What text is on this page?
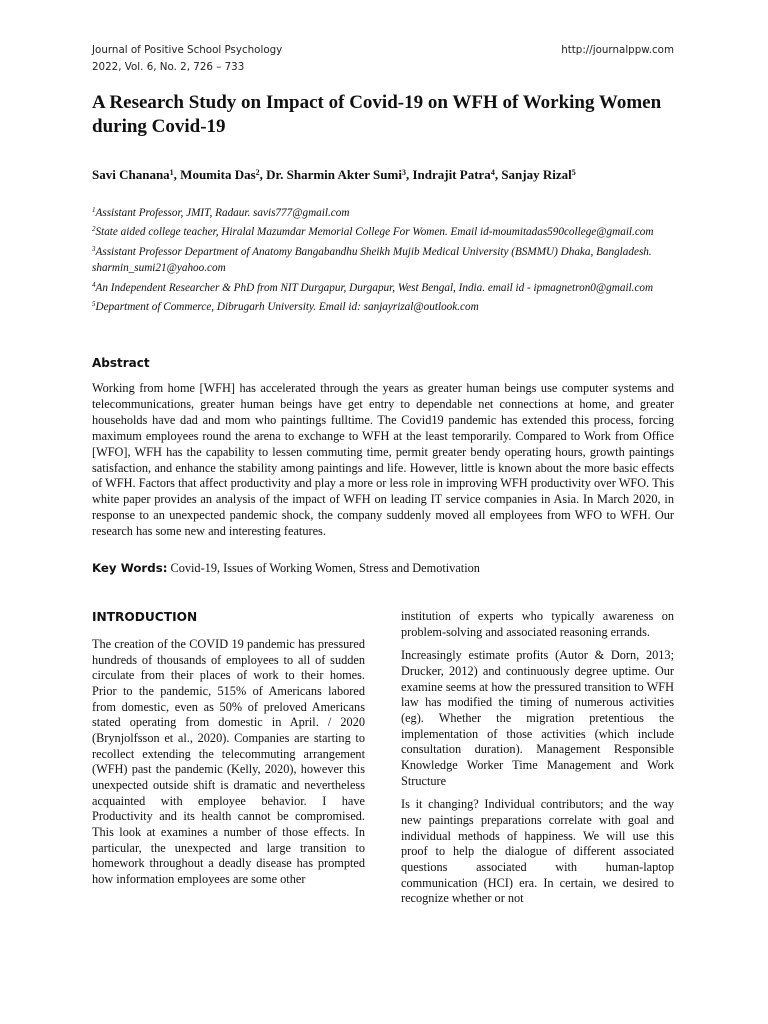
Journal of Positive School Psychology
2022, Vol. 6, No. 2, 726 – 733
http://journalppw.com
A Research Study on Impact of Covid-19 on WFH of Working Women during Covid-19
Savi Chanana$^1$, Moumita Das$^2$, Dr. Sharmin Akter Sumi$^3$, Indrajit Patra$^4$, Sanjay Rizal$^5$

$^1$Assistant Professor, JMIT, Radaur. savis777@gmail.com

$^2$State aided college teacher, Hiralal Mazumdar Memorial College For Women. Email id-moumitadas590college@gmail.com

$^3$Assistant Professor Department of Anatomy Bangabandhu Sheikh Mujib Medical University (BSMMU) Dhaka, Bangladesh. sharmin_sumi21@yahoo.com

$^4$An Independent Researcher & PhD from NIT Durgapur, Durgapur, West Bengal, India. email id - ipmagnetron0@gmail.com

$^5$Department of Commerce, Dibrugarh University. Email id: sanjayrizal@outlook.com

Abstract

Working from home [WFH] has accelerated through the years as greater human beings use computer systems and telecommunications, greater human beings have get entry to dependable net connections at home, and greater households have dad and mom who paintings fulltime. The Covid19 pandemic has extended this process, forcing maximum employees round the arena to exchange to WFH at the least temporarily. Compared to Work from Office [WFO], WFH has the capability to lessen commuting time, permit greater bendy operating hours, growth paintings satisfaction, and enhance the stability among paintings and life. However, little is known about the more basic effects of WFH. Factors that affect productivity and play a more or less role in improving WFH productivity over WFO. This white paper provides an analysis of the impact of WFH on leading IT service companies in Asia. In March 2020, in response to an unexpected pandemic shock, the company suddenly moved all employees from WFO to WFH. Our research has some new and interesting features.

Key Words: Covid-19, Issues of Working Women, Stress and Demotivation
INTRODUCTION

The creation of the COVID 19 pandemic has pressured hundreds of thousands of employees to all of sudden circulate from their places of work to their homes. Prior to the pandemic, 515% of Americans labored from domestic, even as 50% of preloved Americans stated operating from domestic in April. / 2020 (Brynjolfsson et al., 2020). Companies are starting to recollect extending the telecommuting arrangement (WFH) past the pandemic (Kelly, 2020), however this unexpected outside shift is dramatic and nevertheless acquainted with employee behavior. I have Productivity and its health cannot be compromised. This look at examines a number of those effects. In particular, the unexpected and large transition to homework throughout a deadly disease has prompted how information employees are some other

institution of experts who typically awareness on problem-solving and associated reasoning errands.

Increasingly estimate profits (Autor & Dorn, 2013; Drucker, 2012) and continuously degree uptime. Our examine seems at how the pressured transition to WFH law has modified the timing of numerous activities (eg). Whether the migration pretentious the implementation of those activities (which include consultation duration). Management Responsible Knowledge Worker Time Management and Work Structure

Is it changing? Individual contributors; and the way new paintings preparations correlate with goal and individual methods of happiness. We will use this proof to help the dialogue of different associated questions associated with human-laptop communication (HCI) era. In certain, we desired to recognize whether or not
